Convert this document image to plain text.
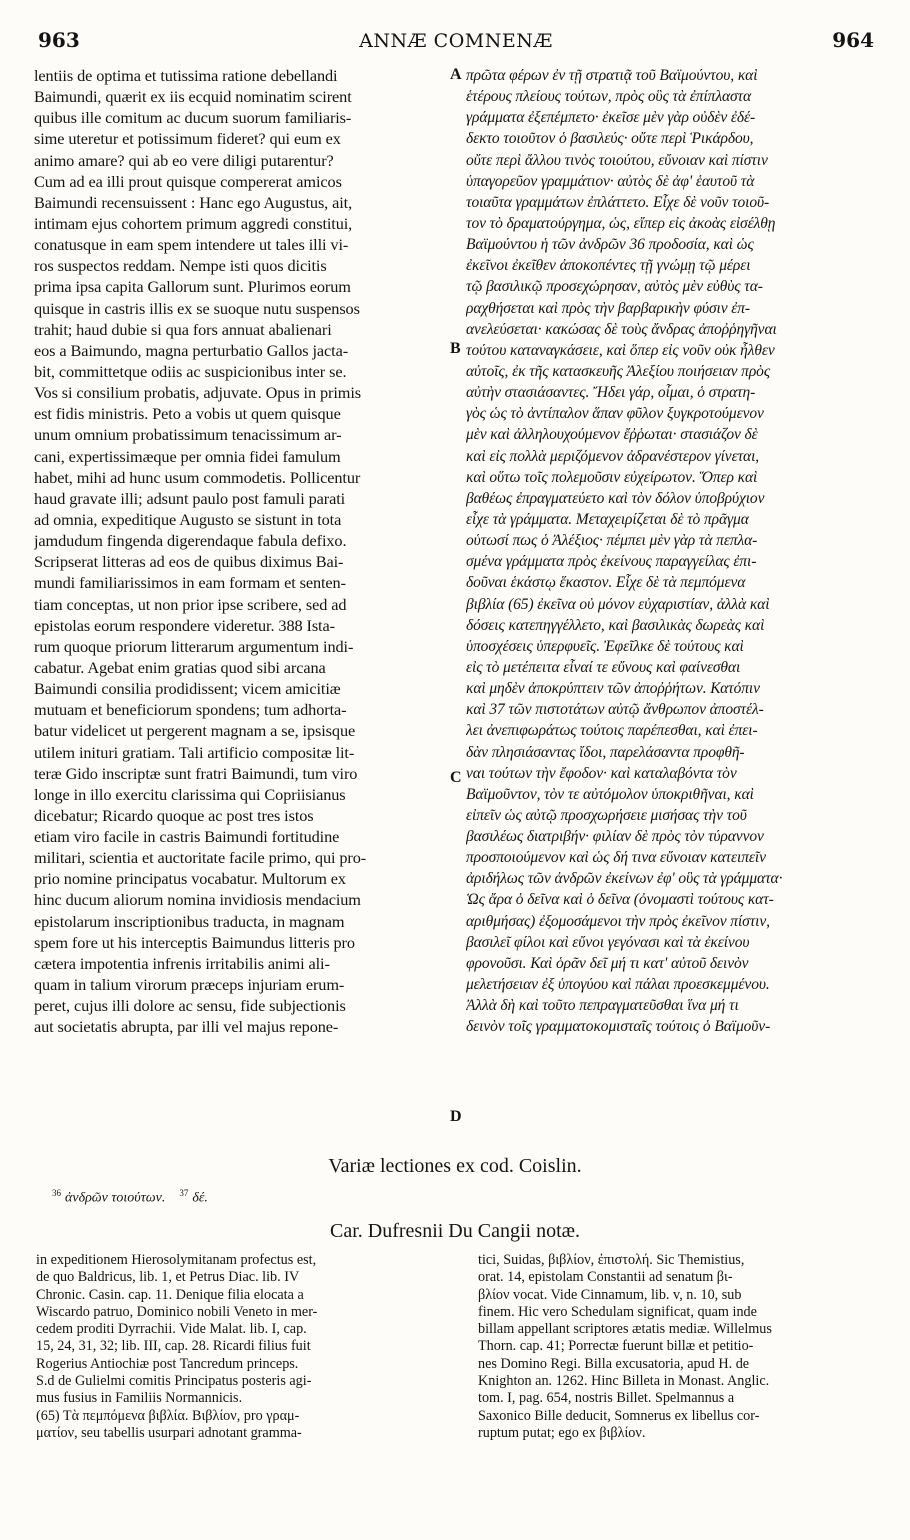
963	ANNÆ COMNENÆ	964
lentiis de optima et tutissima ratione debellandi
Baimundi, quærit ex iis ecquid nominatim scirent
quibus ille comitum ac ducum suorum familiaris-
sime uteretur et potissimum fideret? qui eum ex
animo amare? qui ab eo vere diligi putarentur?
Cum ad ea illi prout quisque compererat amicos
Baimundi recensuissent : Hanc ego Augustus, ait,
intimam ejus cohortem primum aggredi constitui,
conatusque in eam spem intendere ut tales illi vi-
ros suspectos reddam. Nempe isti quos dicitis
prima ipsa capita Gallorum sunt. Plurimos eorum
quisque in castris illis ex se suoque nutu suspensos
trahit; haud dubie si qua fors annuat abalienari
eos a Baimundo, magna perturbatio Gallos jacta-
bit, committetque odiis ac suspicionibus inter se.
Vos si consilium probatis, adjuvate. Opus in primis
est fidis ministris. Peto a vobis ut quem quisque
unum omnium probatissimum tenacissimum ar-
cani, expertissimæque per omnia fidei famulum
habet, mihi ad hunc usum commodetis. Pollicentur
haud gravate illi; adsunt paulo post famuli parati
ad omnia, expeditique Augusto se sistunt in tota
jamdudum fingenda digerendaque fabula defixo.
Scripserat litteras ad eos de quibus diximus Bai-
mundi familiarissimos in eam formam et senten-
tiam conceptas, ut non prior ipse scribere, sed ad
epistolas eorum respondere videretur. 388 Ista-
rum quoque priorum litterarum argumentum indi-
cabatur. Agebat enim gratias quod sibi arcana
Baimundi consilia prodidissent; vicem amicitiæ
mutuam et beneficiorum spondens; tum adhorta-
batur videlicet ut pergerent magnam a se, ipsisque
utilem inituri gratiam. Tali artificio compositæ lit-
teræ Gido inscriptæ sunt fratri Baimundi, tum viro
longe in illo exercitu clarissima qui Copriisianus
dicebatur; Ricardo quoque ac post tres istos
etiam viro facile in castris Baimundi fortitudine
militari, scientia et auctoritate facile primo, qui pro-
prio nomine principatus vocabatur. Multorum ex
hinc ducum aliorum nomina invidiosis mendacium
epistolarum inscriptionibus traducta, in magnam
spem fore ut his interceptis Baimundus litteris pro
cætera impotentia infrenis irritabilis animi ali-
quam in talium virorum præceps injuriam erum-
peret, cujus illi dolore ac sensu, fide subjectionis
aut societatis abrupta, par illi vel majus repone-
πρῶτα φέρων ἐν τῇ στρατιᾷ τοῦ Βαϊμούντου, καὶ
ἑτέρους πλείους τούτων, πρὸς οὓς τὰ ἐπίπλαστα
γράμματα ἐξεπέμπετο· ἐκεῖσε μὲν γὰρ οὐδὲν ἐδέ-
δεκτο τοιοῦτον ὁ βασιλεύς· οὔτε περὶ Ῥικάρδου,
οὔτε περὶ ἄλλου τινὸς τοιούτου, εὔνοιαν καὶ πίστιν
ὑπαγορεῦον γραμμάτιον· αὐτὸς δὲ ἀφ' ἑαυτοῦ τὰ
τοιαῦτα γραμμάτων ἐπλάττετο. Εἶχε δὲ νοῦν τοιοῦ-
τον τὸ δραματούργημα, ὡς, εἴπερ εἰς ἀκοὰς εἰσέλθῃ
Βαϊμούντου ἡ τῶν ἀνδρῶν 36 προδοσία, καὶ ὡς
ἐκεῖνοι ἐκεῖθεν ἀποκοπέντες τῇ γνώμῃ τῷ μέρει
τῷ βασιλικῷ προσεχώρησαν, αὐτὸς μὲν εὐθὺς τα-
ραχθήσεται καὶ πρὸς τὴν βαρβαρικὴν φύσιν ἐπ-
ανελεύσεται· κακώσας δὲ τοὺς ἄνδρας ἀποῤῥηγῆναι
τούτου καταναγκάσειε, καὶ ὅπερ εἰς νοῦν οὐκ ἦλθεν
αὐτοῖς, ἐκ τῆς κατασκευῆς Ἀλεξίου ποιήσειαν πρὸς
αὐτὴν στασιάσαντες. Ἤδει γάρ, οἶμαι, ὁ στρατη-
γὸς ὡς τὸ ἀντίπαλον ἅπαν φῦλον ξυγκροτούμενον
μὲν καὶ ἀλληλουχούμενον ἔῤῥωται· στασιάζον δὲ
καὶ εἰς πολλὰ μεριζόμενον ἀδρανέστερον γίνεται,
καὶ οὕτω τοῖς πολεμοῦσιν εὐχείρωτον. Ὅπερ καὶ
βαθέως ἐπραγματεύετο καὶ τὸν δόλον ὑποβρύχιον
εἶχε τὰ γράμματα. Μεταχειρίζεται δὲ τὸ πρᾶγμα
οὑτωσί πως ὁ Ἀλέξιος· πέμπει μὲν γὰρ τὰ πεπλα-
σμένα γράμματα πρὸς ἐκείνους παραγγείλας ἐπι-
δοῦναι ἑκάστῳ ἕκαστον. Εἶχε δὲ τὰ πεμπόμενα
βιβλία (65) ἐκεῖνα οὐ μόνον εὐχαριστίαν, ἀλλὰ καὶ
δόσεις κατεπηγγέλλετο, καὶ βασιλικὰς δωρεὰς καὶ
ὑποσχέσεις ὑπερφυεῖς. Ἐφεῖλκε δὲ τούτους καὶ
εἰς τὸ μετέπειτα εἶναί τε εὔνους καὶ φαίνεσθαι
καὶ μηδὲν ἀποκρύπτειν τῶν ἀποῤῥήτων. Κατόπιν
καὶ 37 τῶν πιστοτάτων αὐτῷ ἄνθρωπον ἀποστέλ-
λει ἀνεπιφωράτως τούτοις παρέπεσθαι, καὶ ἐπει-
δὰν πλησιάσαντας ἴδοι, παρελάσαντα προφθῆ-
ναι τούτων τὴν ἔφοδον· καὶ καταλαβόντα τὸν
Βαϊμοῦντον, τὸν τε αὐτόμολον ὑποκριθῆναι, καὶ
εἰπεῖν ὡς αὐτῷ προσχωρήσειε μισήσας τὴν τοῦ
βασιλέως διατριβήν· φιλίαν δὲ πρὸς τὸν τύραννον
προσποιούμενον καὶ ὡς δή τινα εὔνοιαν κατειπεῖν
ἀριδήλως τῶν ἀνδρῶν ἐκείνων ἐφ' οὓς τὰ γράμματα·
Ὡς ἄρα ὁ δεῖνα καὶ ὁ δεῖνα (ὀνομαστὶ τούτους κατ-
αριθμήσας) ἐξομοσάμενοι τὴν πρὸς ἐκεῖνον πίστιν,
βασιλεῖ φίλοι καὶ εὔνοι γεγόνασι καὶ τὰ ἐκείνου
φρονοῦσι. Καὶ ὁρᾶν δεῖ μή τι κατ' αὐτοῦ δεινὸν
μελετήσειαν ἐξ ὑπογύου καὶ πάλαι προεσκεμμένου.
Ἀλλὰ δὴ καὶ τοῦτο πεπραγματεῦσθαι ἵνα μή τι
δεινὸν τοῖς γραμματοκομισταῖς τούτοις ὁ Βαϊμοῦν-
A
B
C
D
Variæ lectiones ex cod. Coislin.
$^{36}$ ἀνδρῶν τοιούτων. $^{37}$ δέ.
Car. Dufresnii Du Cangii notæ.
in expeditionem Hierosolymitanam profectus est,
de quo Baldricus, lib. 1, et Petrus Diac. lib. IV
Chronic. Casin. cap. 11. Denique filia elocata a
Wiscardo patruo, Dominico nobili Veneto in mer-
cedem proditi Dyrrachii. Vide Malat. lib. I, cap.
15, 24, 31, 32; lib. III, cap. 28. Ricardi filius fuit
Rogerius Antiochiæ post Tancredum princeps.
S.d de Gulielmi comitis Principatus posteris agi-
mus fusius in Familiis Normannicis.
(65) Τὰ πεμπόμενα βιβλία. Βιβλίον, pro γραμ-
ματίον, seu tabellis usurpari adnotant gramma-
tici, Suidas, βιβλίον, ἐπιστολή. Sic Themistius,
orat. 14, epistolam Constantii ad senatum βι-
βλίον vocat. Vide Cinnamum, lib. v, n. 10, sub
finem. Hic vero Schedulam significat, quam inde
billam appellant scriptores ætatis mediæ. Willelmus
Thorn. cap. 41; Porrectæ fuerunt billæ et petitio-
nes Domino Regi. Billa excusatoria, apud H. de
Knighton an. 1262. Hinc Billeta in Monast. Anglic.
tom. I, pag. 654, nostris Billet. Spelmannus a
Saxonico Bille deducit, Somnerus ex libellus cor-
ruptum putat; ego ex βιβλίον.
